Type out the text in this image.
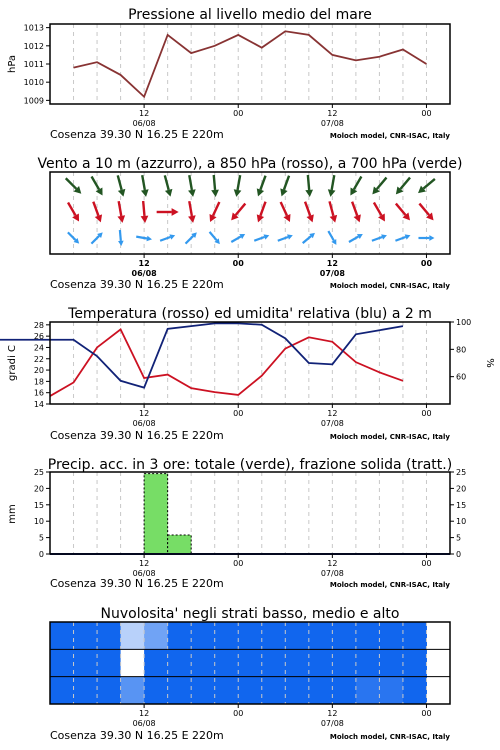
Pressione al livello medio del mare
1009
1010
1011
1012
1013
hPa
12	00	12	00
06/08	07/08
Cosenza 39.30 N 16.25 E 220m	Moloch model, CNR-ISAC, Italy
Vento a 10 m (azzurro), a 850 hPa (rosso), a 700 hPa (verde)
12	00	12	00
06/08	07/08
Cosenza 39.30 N 16.25 E 220m	Moloch model, CNR-ISAC, Italy
Temperatura (rosso) ed umidita' relativa (blu) a 2 m
14
16
18
20
22
24
26
28
60
80
100
gradi C	%
12	00	12	00
06/08	07/08
Cosenza 39.30 N 16.25 E 220m	Moloch model, CNR-ISAC, Italy
Precip. acc. in 3 ore: totale (verde), frazione solida (tratt.)
0
5
10
15
20
25
0
5
10
15
20
25
mm
12	00	12	00
06/08	07/08
Cosenza 39.30 N 16.25 E 220m	Moloch model, CNR-ISAC, Italy
Nuvolosita' negli strati basso, medio e alto
12	00	12	00
06/08	07/08
Cosenza 39.30 N 16.25 E 220m	Moloch model, CNR-ISAC, Italy
